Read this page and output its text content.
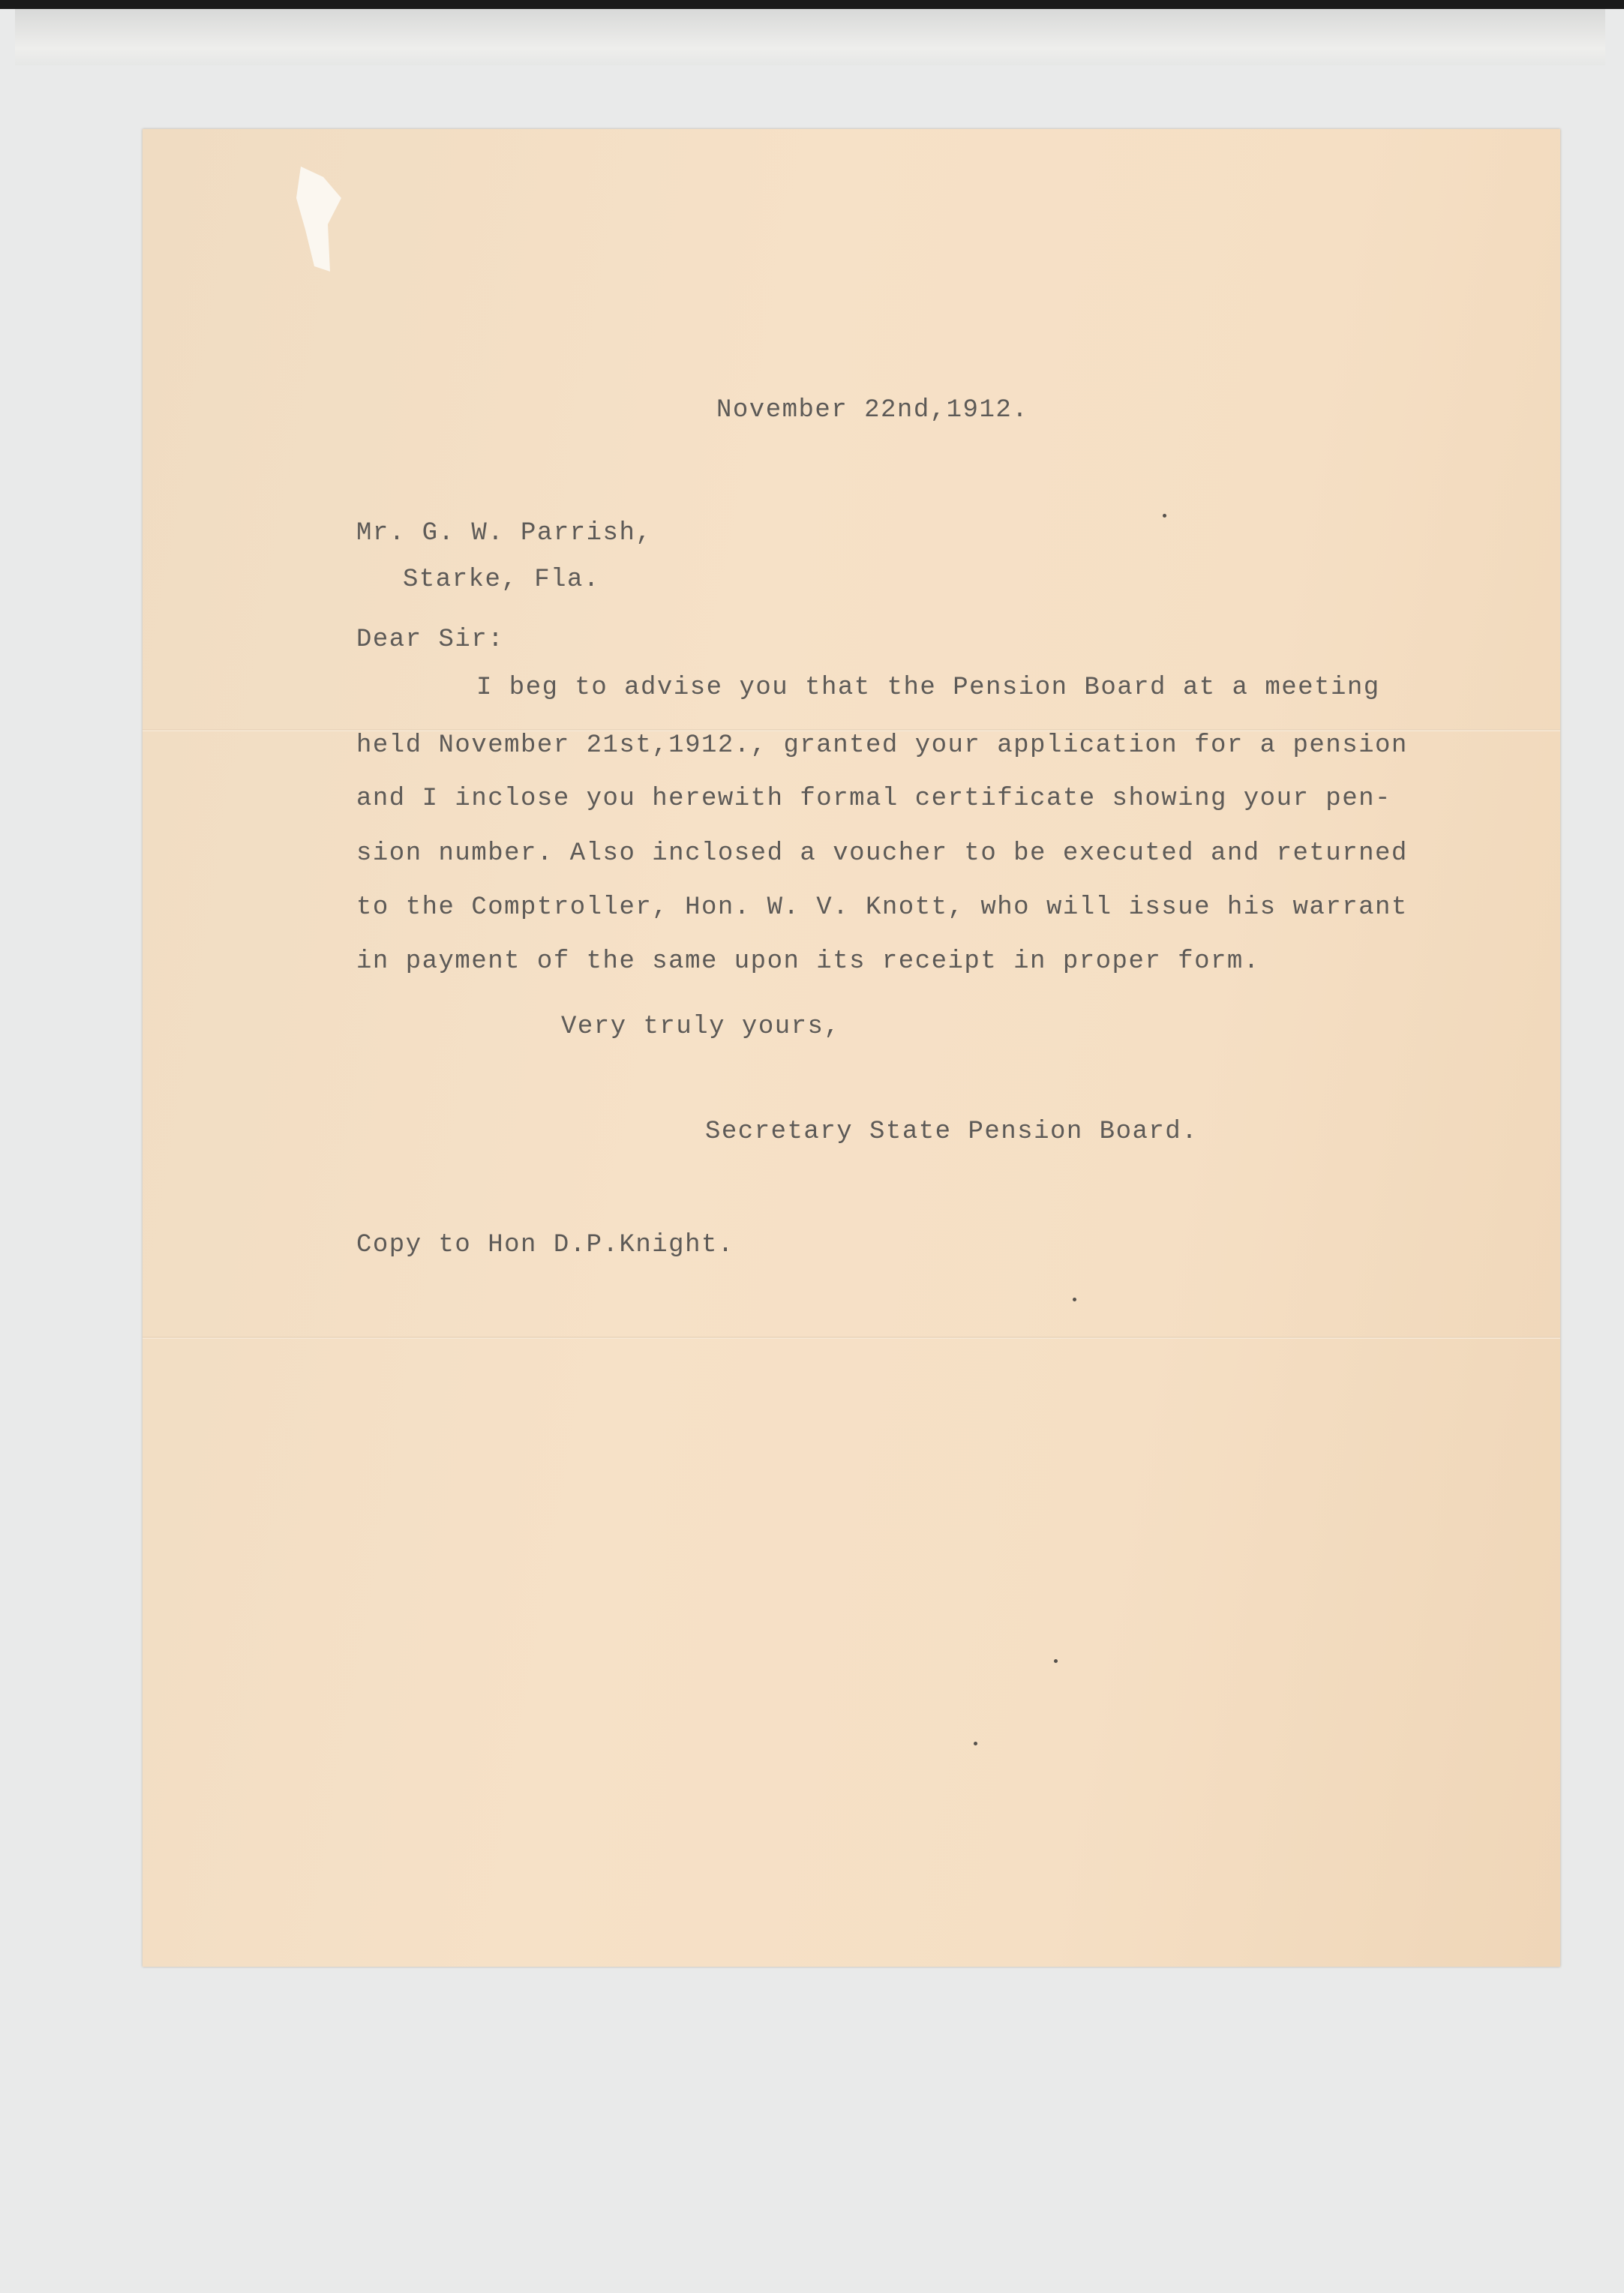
November 22nd,1912.
Mr. G. W. Parrish,
Starke, Fla.
Dear Sir:
I beg to advise you that the Pension Board at a meeting
held November 21st,1912., granted your application for a pension
and I inclose you herewith formal certificate showing your pen-
sion number. Also inclosed a voucher to be executed and returned
to the Comptroller, Hon. W. V. Knott, who will issue his warrant
in payment of the same upon its receipt in proper form.
Very truly yours,
Secretary State Pension Board.
Copy to Hon D.P.Knight.
